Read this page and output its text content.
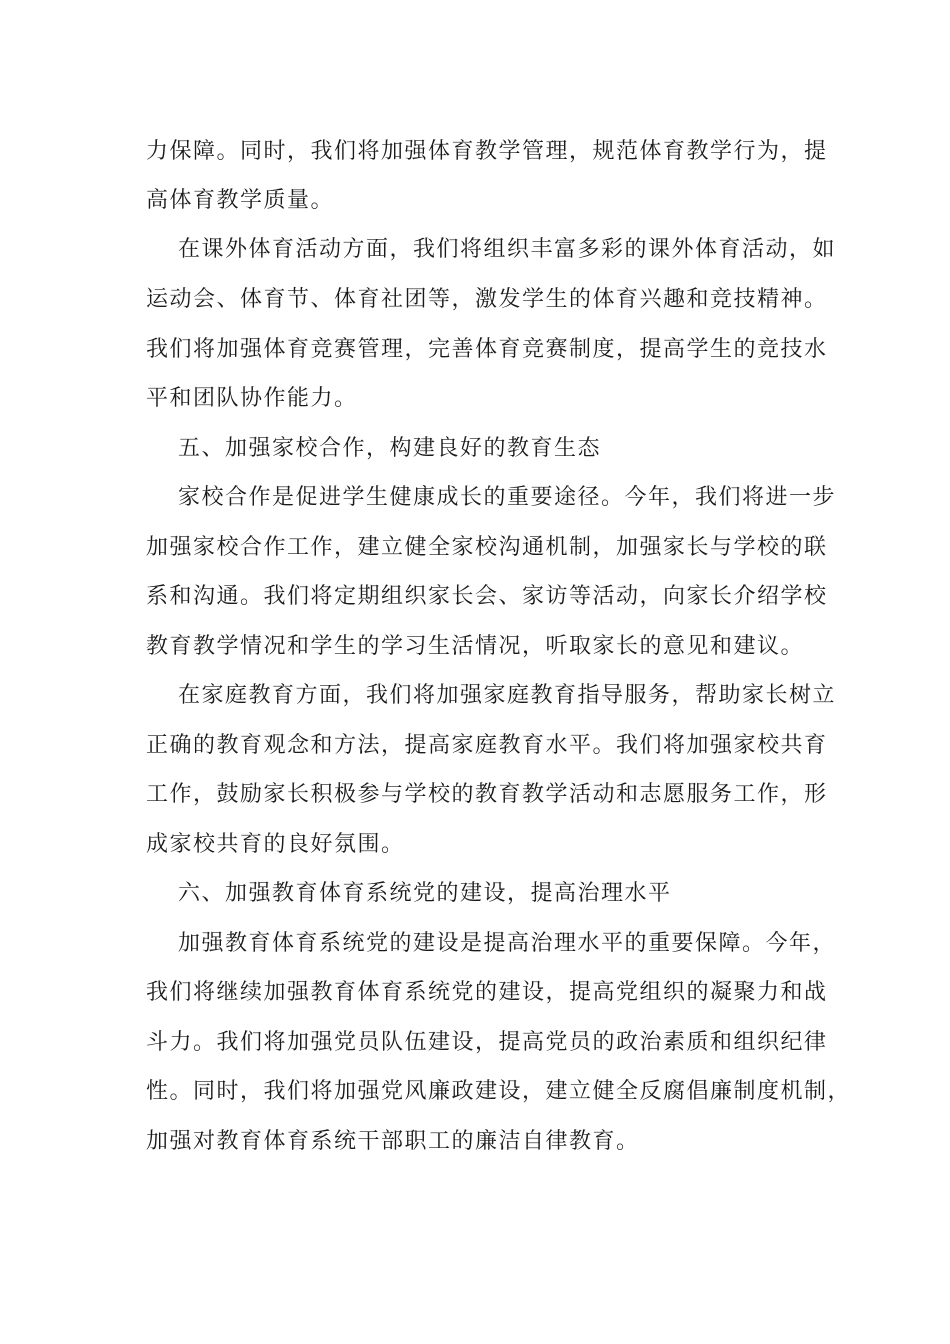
力保障。同时，我们将加强体育教学管理，规范体育教学行为，提
高体育教学质量。
在课外体育活动方面，我们将组织丰富多彩的课外体育活动，如
运动会、体育节、体育社团等，激发学生的体育兴趣和竞技精神。
我们将加强体育竞赛管理，完善体育竞赛制度，提高学生的竞技水
平和团队协作能力。
五、加强家校合作，构建良好的教育生态
家校合作是促进学生健康成长的重要途径。今年，我们将进一步
加强家校合作工作，建立健全家校沟通机制，加强家长与学校的联
系和沟通。我们将定期组织家长会、家访等活动，向家长介绍学校
教育教学情况和学生的学习生活情况，听取家长的意见和建议。
在家庭教育方面，我们将加强家庭教育指导服务，帮助家长树立
正确的教育观念和方法，提高家庭教育水平。我们将加强家校共育
工作，鼓励家长积极参与学校的教育教学活动和志愿服务工作，形
成家校共育的良好氛围。
六、加强教育体育系统党的建设，提高治理水平
加强教育体育系统党的建设是提高治理水平的重要保障。今年，
我们将继续加强教育体育系统党的建设，提高党组织的凝聚力和战
斗力。我们将加强党员队伍建设，提高党员的政治素质和组织纪律
性。同时，我们将加强党风廉政建设，建立健全反腐倡廉制度机制，
加强对教育体育系统干部职工的廉洁自律教育。
